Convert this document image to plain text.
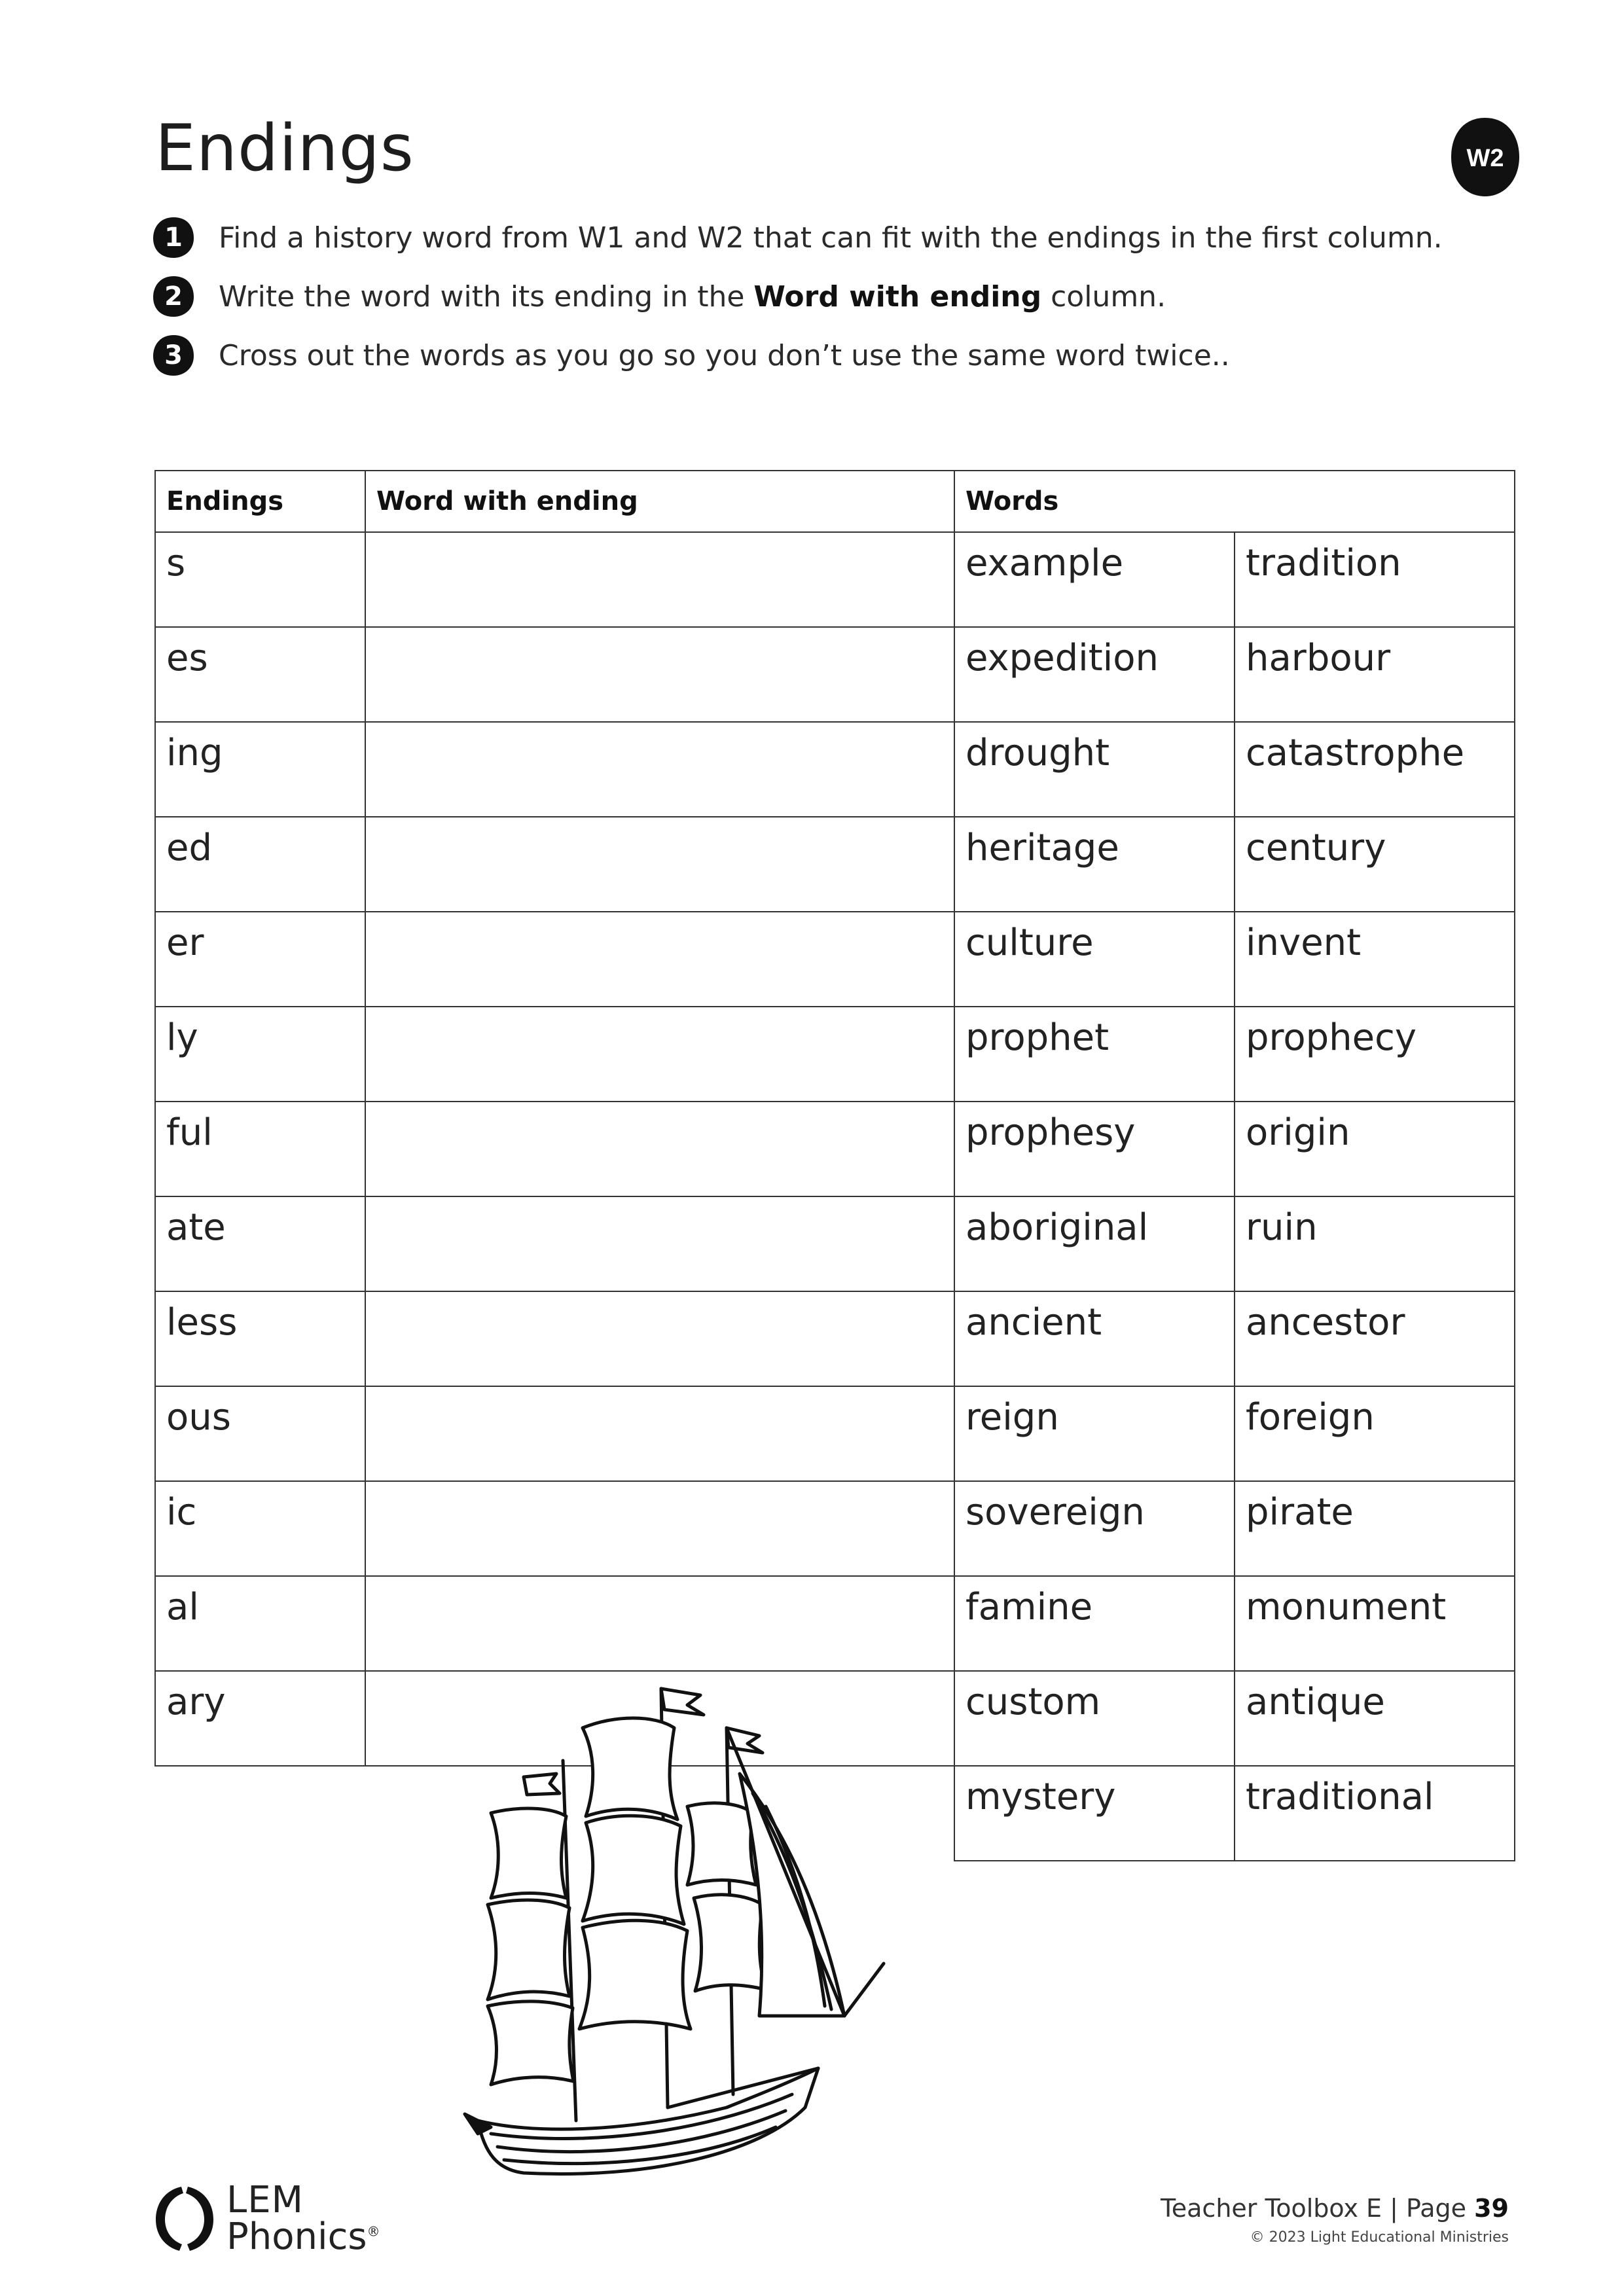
Endings	W2
1	Find a history word from W1 and W2 that can fit with the endings in the first column.
2	Write the word with its ending in the Word with ending column.
3	Cross out the words as you go so you don’t use the same word twice..
Endings	Word with ending	Words	
s		example	tradition
es		expedition	harbour
ing		drought	catastrophe
ed		heritage	century
er		culture	invent
ly		prophet	prophecy
ful		prophesy	origin
ate		aboriginal	ruin
less		ancient	ancestor
ous		reign	foreign
ic		sovereign	pirate
al		famine	monument
ary		custom	antique
		mystery	traditional
LEM
Phonics®
Teacher Toolbox E | Page 39
© 2023 Light Educational Ministries
